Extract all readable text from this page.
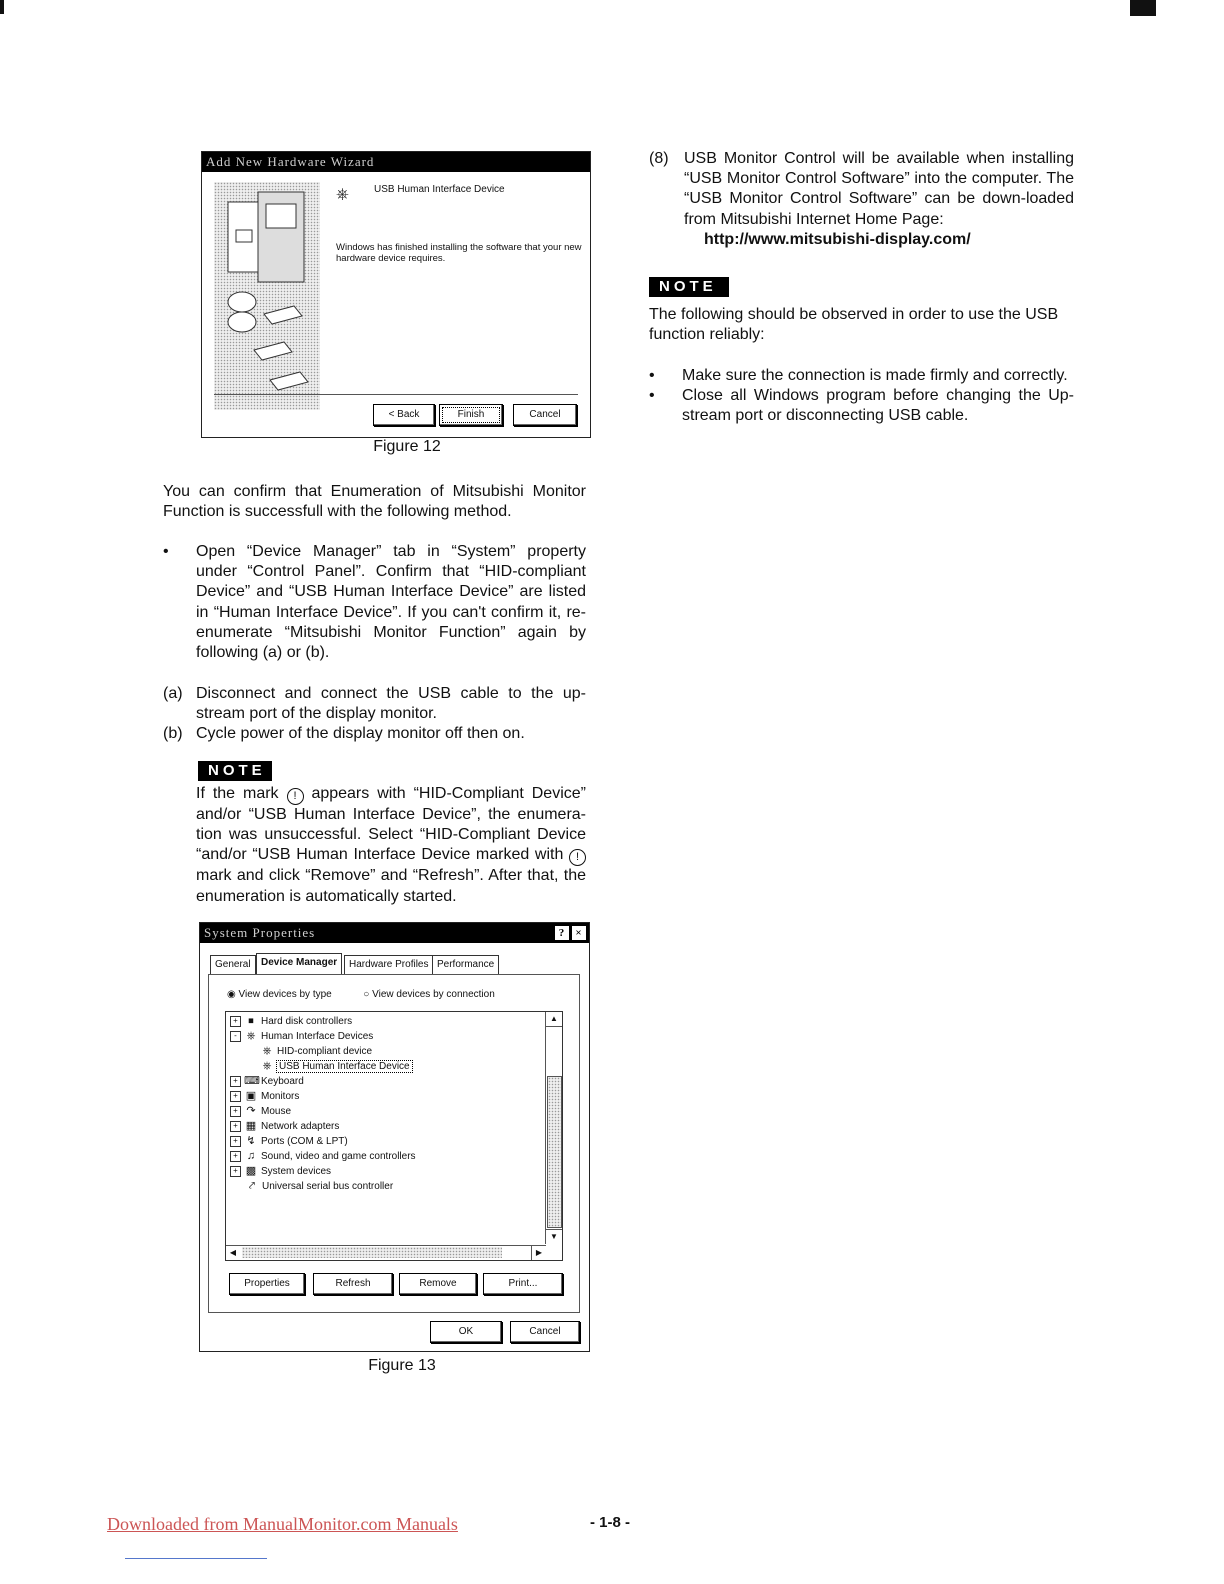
Add New Hardware Wizard
⎈	USB Human Interface Device
Windows has finished installing the software that your new hardware device requires.
< Back	Finish	Cancel
Figure 12
You can confirm that Enumeration of Mitsubishi Monitor Function is successfull with the following method.
• Open “Device Manager” tab in “System” property under “Control Panel”. Confirm that “HID-compliant Device” and “USB Human Interface Device” are listed in “Human Interface Device”. If you can't confirm it, re-enumerate “Mitsubishi Monitor Function” again by following (a) or (b).
(a) Disconnect and connect the USB cable to the up-stream port of the display monitor.
(b) Cycle power of the display monitor off then on.
NOTE
If the mark ! appears with “HID-Compliant Device” and/or “USB Human Interface Device”, the enumera-tion was unsuccessful. Select “HID-Compliant Device “and/or “USB Human Interface Device marked with ! mark and click “Remove” and “Refresh”. After that, the enumeration is automatically started.
System Properties	? ×
General	Device Manager	Hardware Profiles Performance
◉ View devices by type	○ View devices by connection
+ ⏹ Hard disk controllers
- ⎈ Human Interface Devices
⎈ HID-compliant device
⎈ USB Human Interface Device
+ ⌨Keyboard
+ ▣ Monitors
+ ↷ Mouse
+ ▦ Network adapters
+ ↯ Ports (COM & LPT)
+ ♫ Sound, video and game controllers
+ ▩ System devices
⤤ Universal serial bus controller
▲
▼
◀	▶
Properties	Refresh	Remove	Print...
OK	Cancel
Figure 13
(8) USB Monitor Control will be available when installing “USB Monitor Control Software” into the computer. The “USB Monitor Control Software” can be down-loaded from Mitsubishi Internet Home Page:
http://www.mitsubishi-display.com/
NOTE
The following should be observed in order to use the USB function reliably:
• Make sure the connection is made firmly and correctly.
• Close all Windows program before changing the Up-stream port or disconnecting USB cable.
Downloaded from ManualMonitor.com Manuals	- 1-8 -
